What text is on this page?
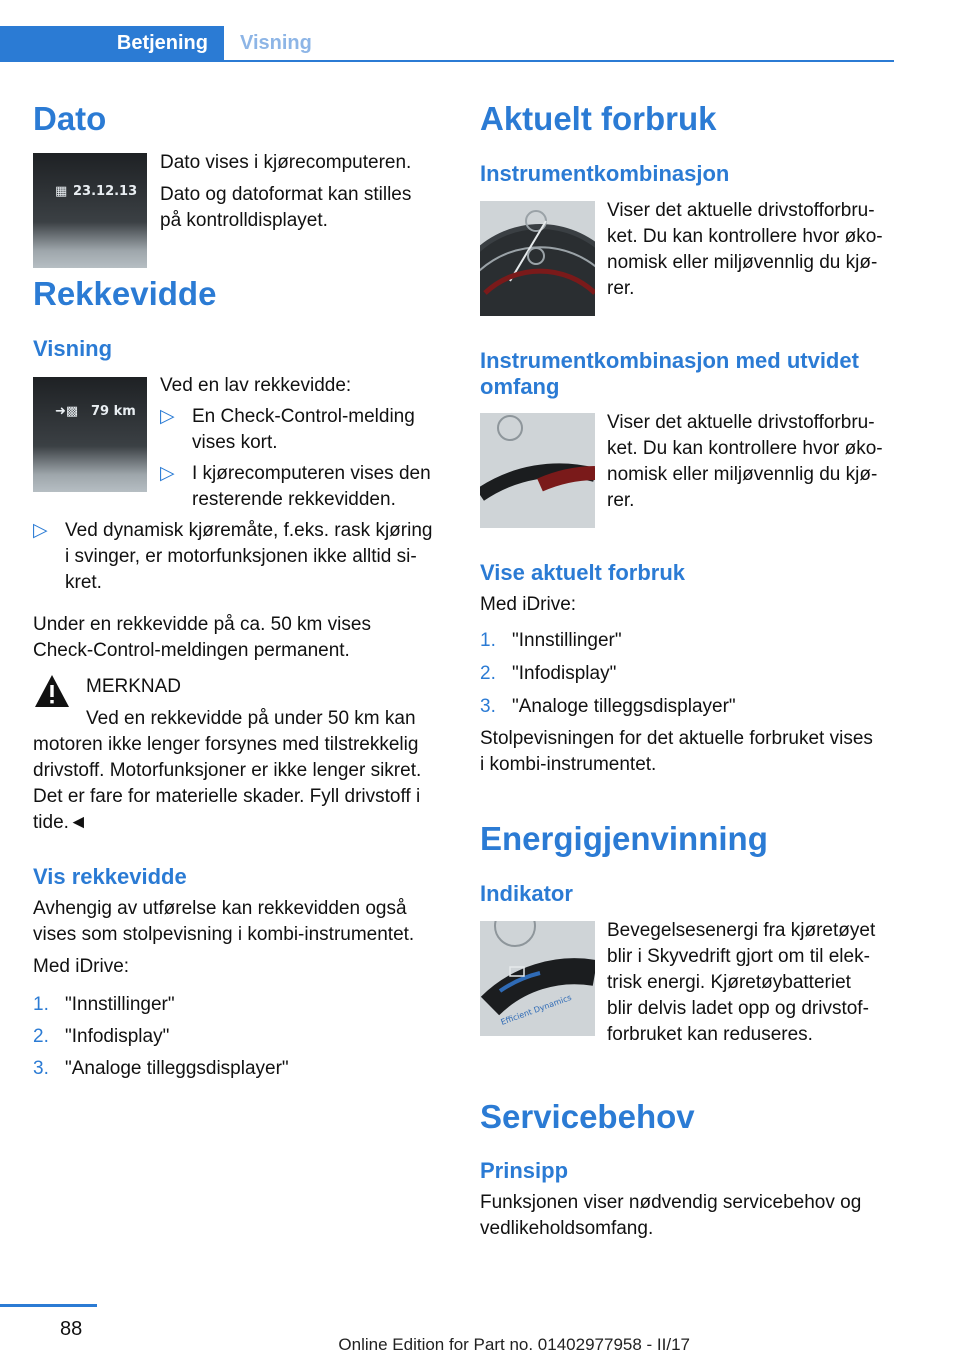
Betjening	Visning
Dato
▦ 23.12.13
Dato vises i kjørecomputeren.
Dato og datoformat kan stilles
på kontrolldisplayet.
Rekkevidde
Visning
➜▩ 79 km
Ved en lav rekkevidde:
▷ En Check-Control-melding
vises kort.
▷ I kjørecomputeren vises den
resterende rekkevidden.
▷ Ved dynamisk kjøremåte, f.eks. rask kjøring
i svinger, er motorfunksjonen ikke alltid si-
kret.
Under en rekkevidde på ca. 50 km vises
Check-Control-meldingen permanent.
MERKNAD
Ved en rekkevidde på under 50 km kan
motoren ikke lenger forsynes med tilstrekkelig
drivstoff. Motorfunksjoner er ikke lenger sikret.
Det er fare for materielle skader. Fyll drivstoff i
tide.◄
Vis rekkevidde
Avhengig av utførelse kan rekkevidden også
vises som stolpevisning i kombi-instrumentet.
Med iDrive:
1. "Innstillinger"
2. "Infodisplay"
3. "Analoge tilleggsdisplayer"
Aktuelt forbruk
Instrumentkombinasjon
Viser det aktuelle drivstofforbru-
ket. Du kan kontrollere hvor øko-
nomisk eller miljøvennlig du kjø-
rer.
Instrumentkombinasjon med utvidet
omfang
Viser det aktuelle drivstofforbru-
ket. Du kan kontrollere hvor øko-
nomisk eller miljøvennlig du kjø-
rer.
Vise aktuelt forbruk
Med iDrive:
1. "Innstillinger"
2. "Infodisplay"
3. "Analoge tilleggsdisplayer"
Stolpevisningen for det aktuelle forbruket vises
i kombi-instrumentet.
Energigjenvinning
Indikator
Efficient Dynamics
Bevegelsesenergi fra kjøretøyet
blir i Skyvedrift gjort om til elek-
trisk energi. Kjøretøybatteriet
blir delvis ladet opp og drivstof-
forbruket kan reduseres.
Servicebehov
Prinsipp
Funksjonen viser nødvendig servicebehov og
vedlikeholdsomfang.
88
Online Edition for Part no. 01402977958 - II/17
